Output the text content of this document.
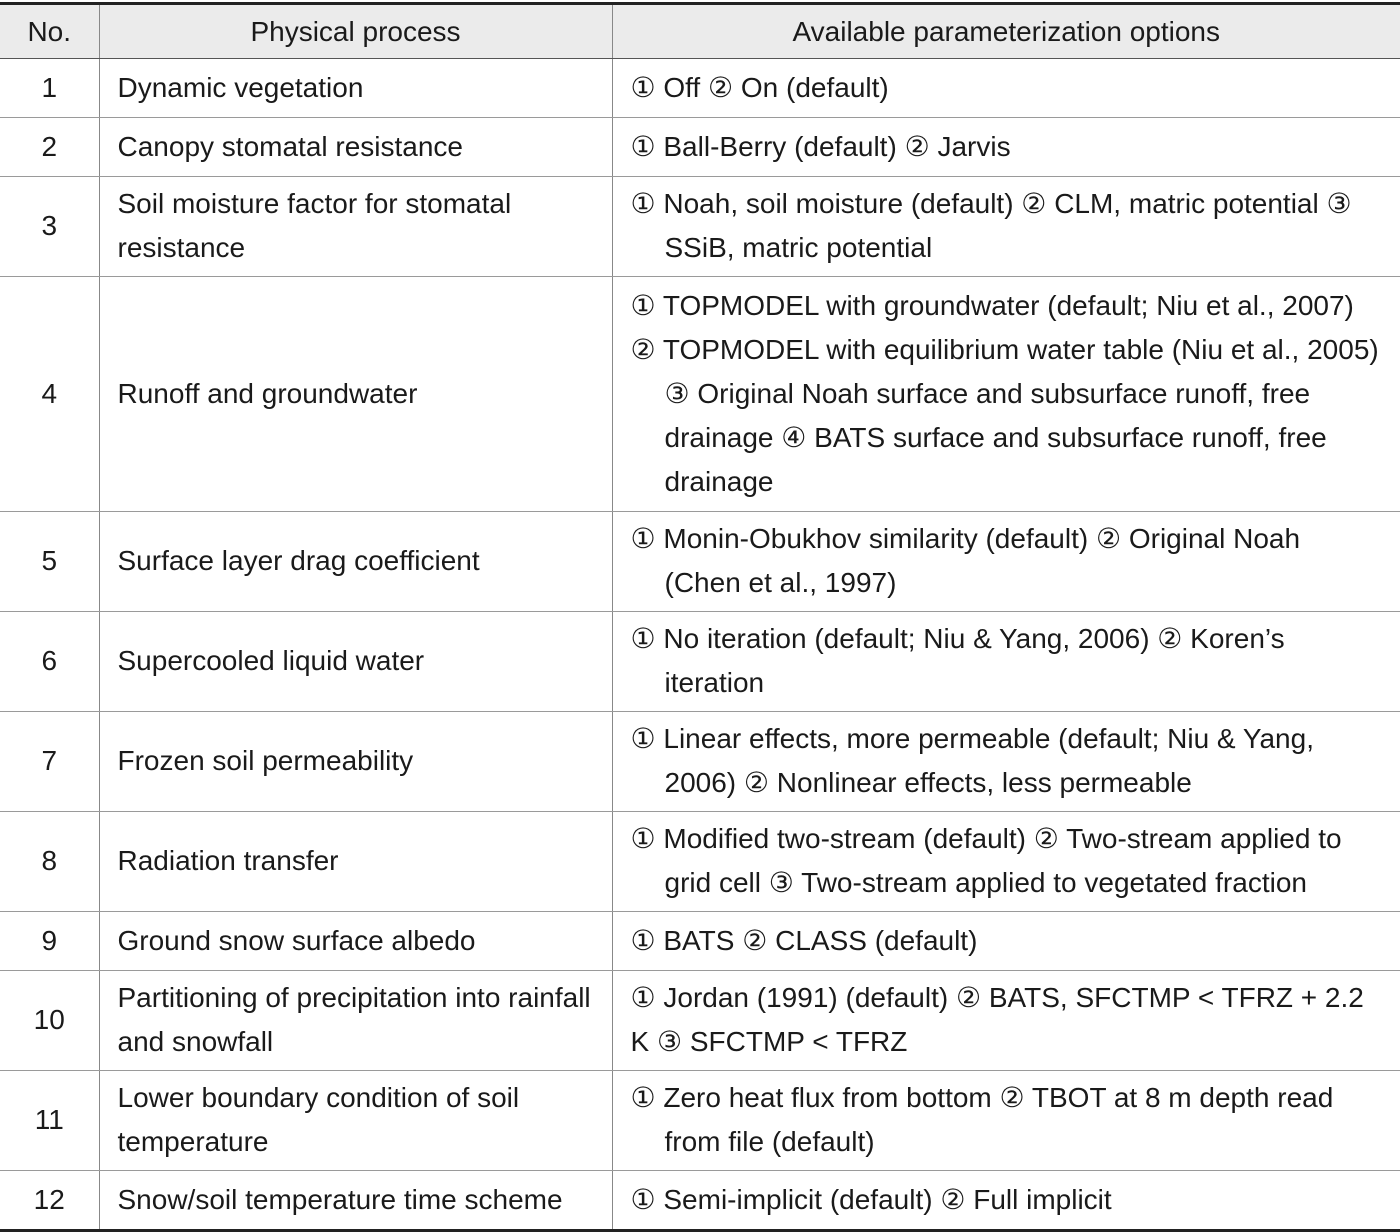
No.	Physical process	Available parameterization options
1	Dynamic vegetation	① Off ② On (default)

2	Canopy stomatal resistance	① Ball-Berry (default) ② Jarvis

3	Soil moisture factor for stomatal resistance	① Noah, soil moisture (default) ② CLM, matric potential ③ SSiB, matric potential

4	Runoff and groundwater	① TOPMODEL with groundwater (default; Niu et al., 2007)
② TOPMODEL with equilibrium water table (Niu et al., 2005) ③ Original Noah surface and subsurface runoff, free drainage ④ BATS surface and subsurface runoff, free drainage

5	Surface layer drag coefficient	① Monin-Obukhov similarity (default) ② Original Noah (Chen et al., 1997)

6	Supercooled liquid water	① No iteration (default; Niu & Yang, 2006) ② Koren’s iteration

7	Frozen soil permeability	① Linear effects, more permeable (default; Niu & Yang, 2006) ② Nonlinear effects, less permeable

8	Radiation transfer	① Modified two-stream (default) ② Two-stream applied to grid cell ③ Two-stream applied to vegetated fraction

9	Ground snow surface albedo	① BATS ② CLASS (default)

10	Partitioning of precipitation into rainfall and snowfall	① Jordan (1991) (default) ② BATS, SFCTMP < TFRZ + 2.2 K ③ SFCTMP < TFRZ

11	Lower boundary condition of soil temperature	① Zero heat flux from bottom ② TBOT at 8 m depth read from file (default)

12	Snow/soil temperature time scheme	① Semi-implicit (default) ② Full implicit
